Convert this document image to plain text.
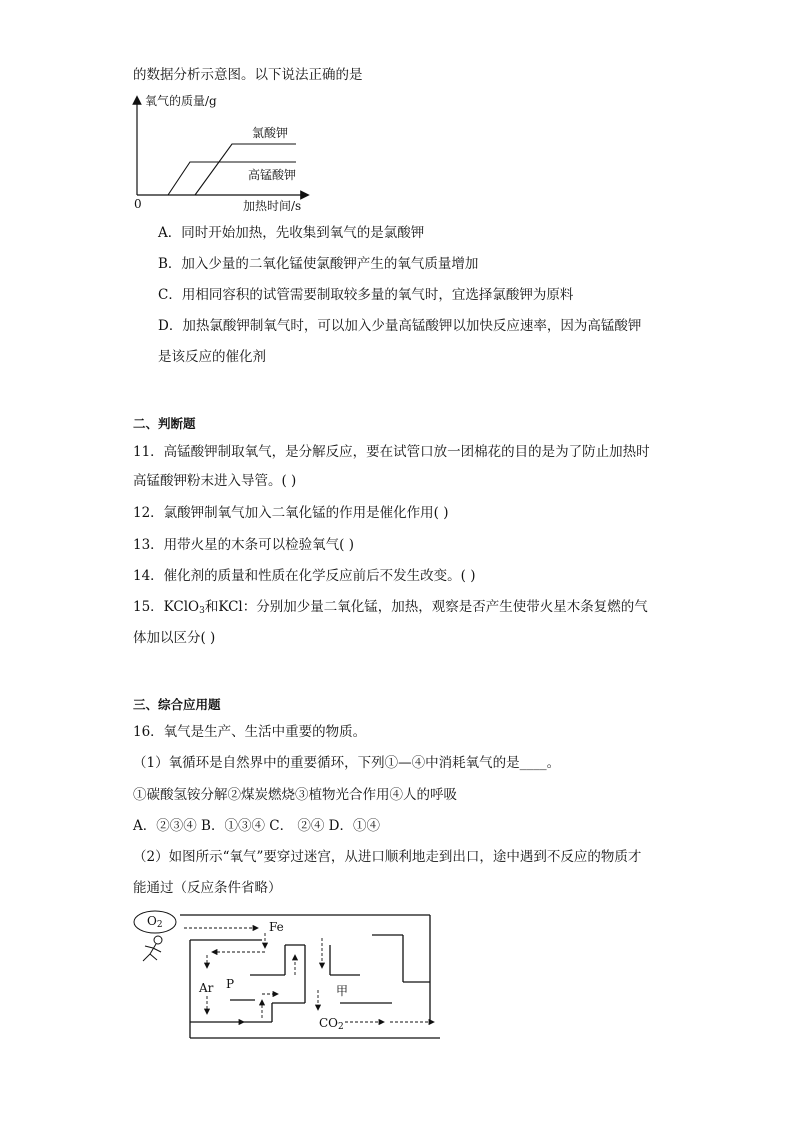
的数据分析示意图。以下说法正确的是
氧气的质量/g
氯酸钾
高锰酸钾
0	加热时间/s
A．同时开始加热，先收集到氧气的是氯酸钾
B．加入少量的二氧化锰使氯酸钾产生的氧气质量增加
C．用相同容积的试管需要制取较多量的氧气时，宜选择氯酸钾为原料
D．加热氯酸钾制氧气时，可以加入少量高锰酸钾以加快反应速率，因为高锰酸钾
是该反应的催化剂
二、判断题
11．高锰酸钾制取氧气，是分解反应，要在试管口放一团棉花的目的是为了防止加热时
高锰酸钾粉末进入导管。( )
12．氯酸钾制氧气加入二氧化锰的作用是催化作用( )
13．用带火星的木条可以检验氧气( )
14．催化剂的质量和性质在化学反应前后不发生改变。( )
15．KClO$_3$和KCl：分别加少量二氧化锰，加热，观察是否产生使带火星木条复燃的气
体加以区分( )
三、综合应用题
16．氧气是生产、生活中重要的物质。
（1）氧循环是自然界中的重要循环，下列①—④中消耗氧气的是____。
①碳酸氢铵分解②煤炭燃烧③植物光合作用④人的呼吸
A．②③④ B．①③④ C． ②④ D．①④
（2）如图所示“氧气”要穿过迷宫，从进口顺利地走到出口，途中遇到不反应的物质才
能通过（反应条件省略）
$O_2$	Fe
Ar P	甲
$CO_2$
